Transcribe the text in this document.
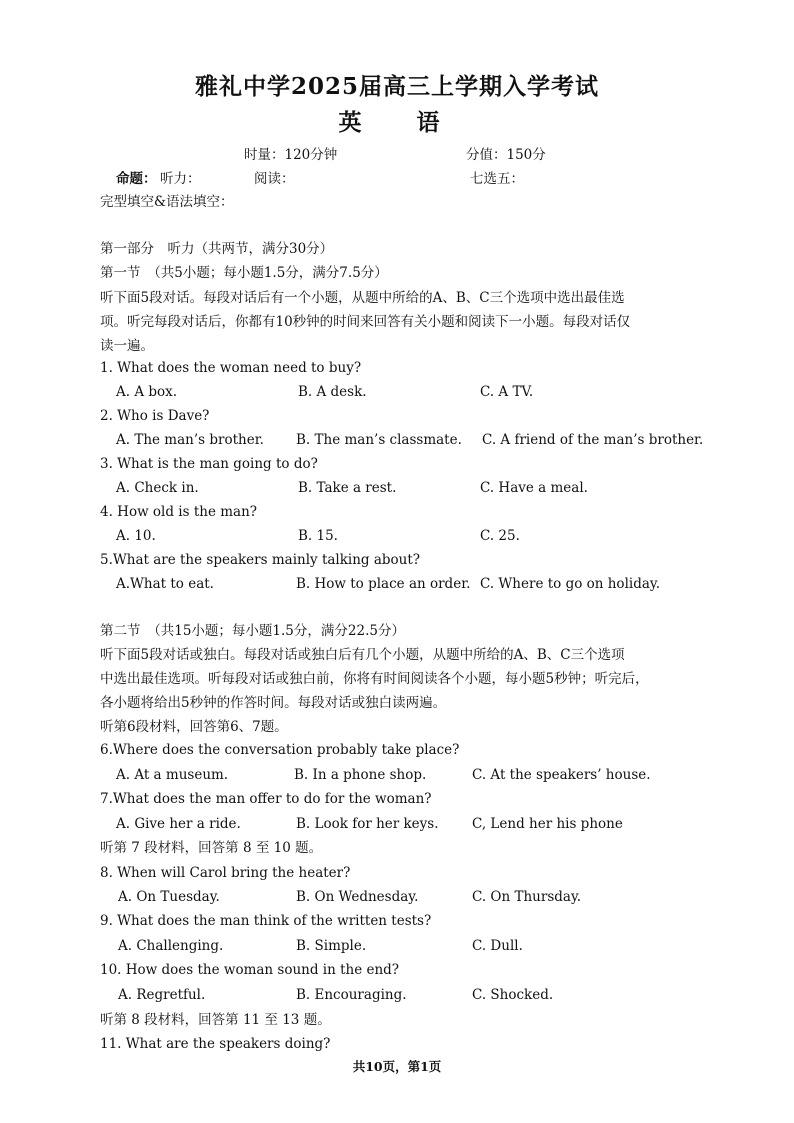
雅礼中学2025届高三上学期入学考试
英　语
时量：120分钟	分值：150分
命题： 听力：	阅读：	七选五：
完型填空&语法填空：
第一部分　听力（共两节，满分30分）
第一节　（共5小题；每小题1.5分，满分7.5分）
听下面5段对话。每段对话后有一个小题，从题中所给的A、B、C三个选项中选出最佳选
项。听完每段对话后，你都有10秒钟的时间来回答有关小题和阅读下一小题。每段对话仅
读一遍。
1. What does the woman need to buy?
A. A box.	B. A desk.	C. A TV.
2. Who is Dave?
A. The man’s brother. B. The man’s classmate. C. A friend of the man’s brother.
3. What is the man going to do?
A. Check in.	B. Take a rest.	C. Have a meal.
4. How old is the man?
A. 10.	B. 15.	C. 25.
5.What are the speakers mainly talking about?
A.What to eat.	B. How to place an order. C. Where to go on holiday.
第二节　（共15小题；每小题1.5分，满分22.5分）
听下面5段对话或独白。每段对话或独白后有几个小题，从题中所给的A、B、C三个选项
中选出最佳选项。听每段对话或独白前，你将有时间阅读各个小题，每小题5秒钟；听完后，
各小题将给出5秒钟的作答时间。每段对话或独白读两遍。
听第6段材料，回答第6、7题。
6.Where does the conversation probably take place?
A. At a museum.	B. In a phone shop.	C. At the speakers’ house.
7.What does the man offer to do for the woman?
A. Give her a ride.	B. Look for her keys. C, Lend her his phone
听第 7 段材料，回答第 8 至 10 题。
8. When will Carol bring the heater?
A. On Tuesday.	B. On Wednesday.	C. On Thursday.
9. What does the man think of the written tests?
A. Challenging.	B. Simple.	C. Dull.
10. How does the woman sound in the end?
A. Regretful.	B. Encouraging.	C. Shocked.
听第 8 段材料，回答第 11 至 13 题。
11. What are the speakers doing?
共10页，第1页
